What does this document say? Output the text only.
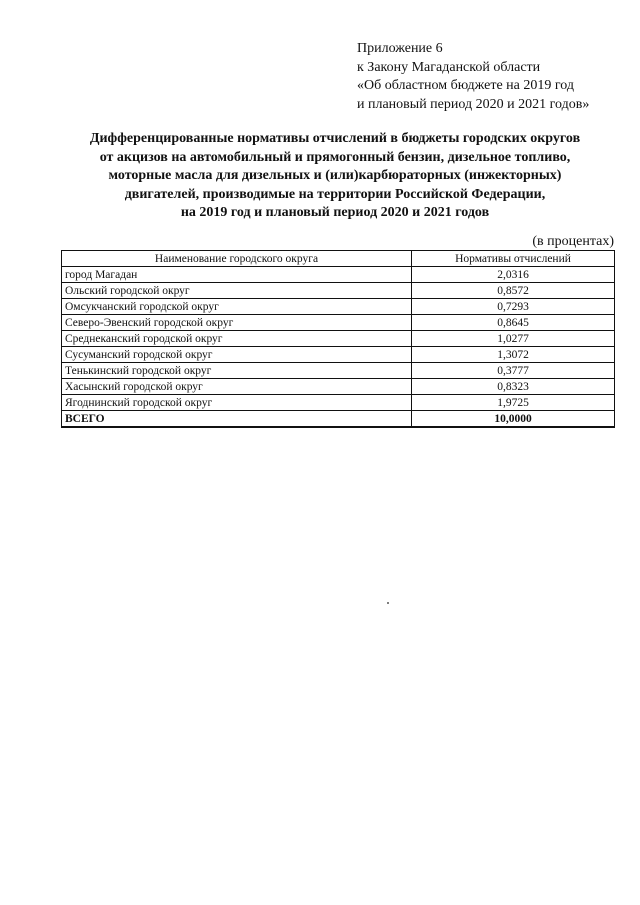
Приложение 6
к Закону Магаданской области
«Об областном бюджете на 2019 год
и плановый период 2020 и 2021 годов»
Дифференцированные нормативы отчислений в бюджеты городских округов
от акцизов на автомобильный и прямогонный бензин, дизельное топливо,
моторные масла для дизельных и (или)карбюраторных (инжекторных)
двигателей, производимые на территории Российской Федерации,
на 2019 год и плановый период 2020 и 2021 годов
(в процентах)
Наименование городского округа	Нормативы отчислений
город Магадан	2,0316
Ольский городской округ	0,8572
Омсукчанский городской округ	0,7293
Северо-Эвенский городской округ	0,8645
Среднеканский городской округ	1,0277
Сусуманский городской округ	1,3072
Тенькинский городской округ	0,3777
Хасынский городской округ	0,8323
Ягоднинский городской округ	1,9725
ВСЕГО	10,0000
